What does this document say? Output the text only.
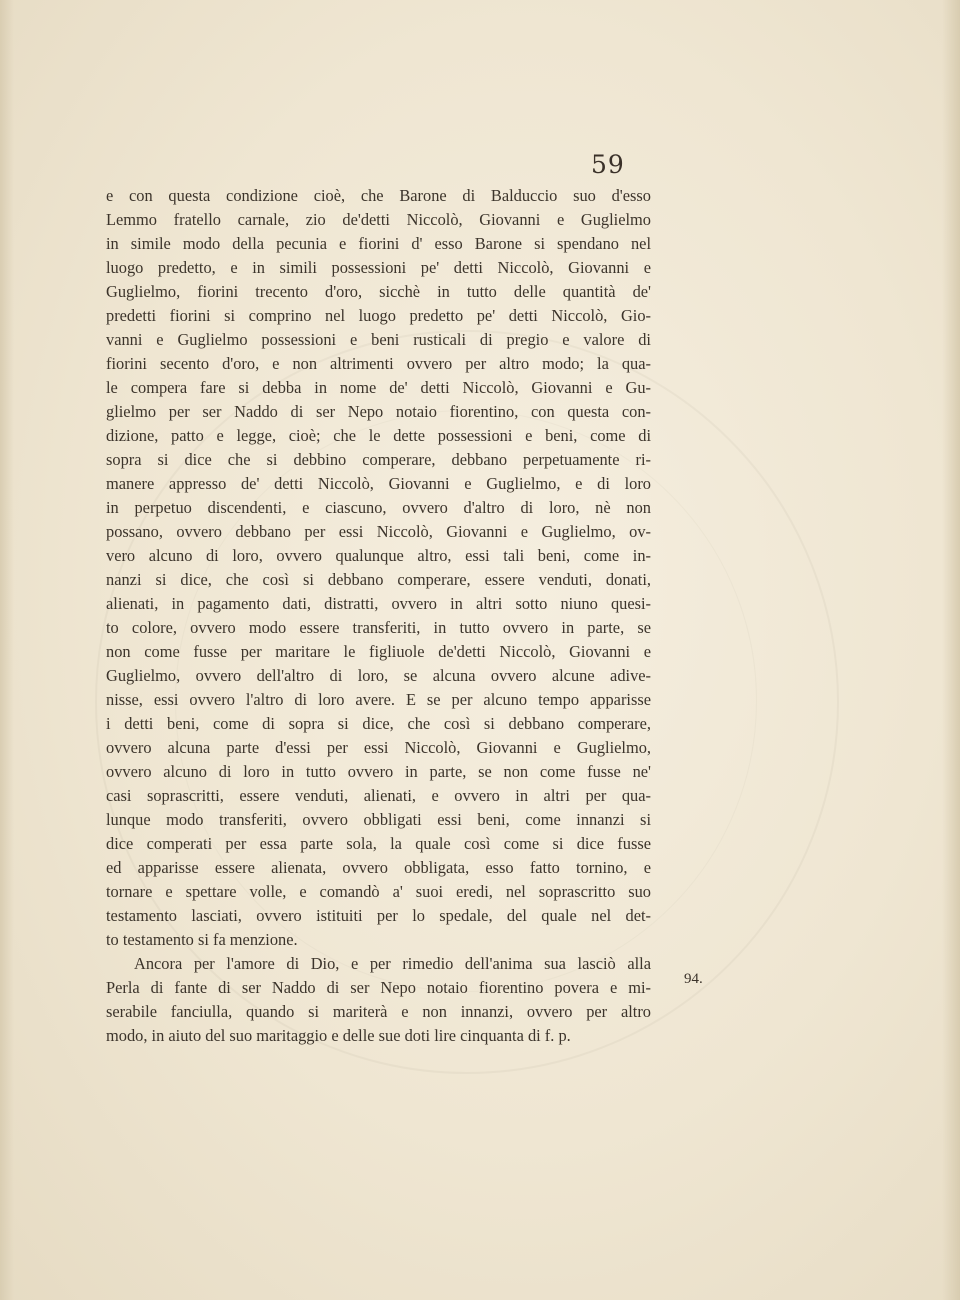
59
e con questa condizione cioè, che Barone di Balduccio suo d'esso
Lemmo fratello carnale, zio de'detti Niccolò, Giovanni e Guglielmo
in simile modo della pecunia e fiorini d' esso Barone si spendano nel
luogo predetto, e in simili possessioni pe' detti Niccolò, Giovanni e
Guglielmo, fiorini trecento d'oro, sicchè in tutto delle quantità de'
predetti fiorini si comprino nel luogo predetto pe' detti Niccolò, Gio-
vanni e Guglielmo possessioni e beni rusticali di pregio e valore di
fiorini secento d'oro, e non altrimenti ovvero per altro modo; la qua-
le compera fare si debba in nome de' detti Niccolò, Giovanni e Gu-
glielmo per ser Naddo di ser Nepo notaio fiorentino, con questa con-
dizione, patto e legge, cioè; che le dette possessioni e beni, come di
sopra si dice che si debbino comperare, debbano perpetuamente ri-
manere appresso de' detti Niccolò, Giovanni e Guglielmo, e di loro
in perpetuo discendenti, e ciascuno, ovvero d'altro di loro, nè non
possano, ovvero debbano per essi Niccolò, Giovanni e Guglielmo, ov-
vero alcuno di loro, ovvero qualunque altro, essi tali beni, come in-
nanzi si dice, che così si debbano comperare, essere venduti, donati,
alienati, in pagamento dati, distratti, ovvero in altri sotto niuno quesi-
to colore, ovvero modo essere transferiti, in tutto ovvero in parte, se
non come fusse per maritare le figliuole de'detti Niccolò, Giovanni e
Guglielmo, ovvero dell'altro di loro, se alcuna ovvero alcune adive-
nisse, essi ovvero l'altro di loro avere. E se per alcuno tempo apparisse
i detti beni, come di sopra si dice, che così si debbano comperare,
ovvero alcuna parte d'essi per essi Niccolò, Giovanni e Guglielmo,
ovvero alcuno di loro in tutto ovvero in parte, se non come fusse ne'
casi soprascritti, essere venduti, alienati, e ovvero in altri per qua-
lunque modo transferiti, ovvero obbligati essi beni, come innanzi si
dice comperati per essa parte sola, la quale così come si dice fusse
ed apparisse essere alienata, ovvero obbligata, esso fatto tornino, e
tornare e spettare volle, e comandò a' suoi eredi, nel soprascritto suo
testamento lasciati, ovvero istituiti per lo spedale, del quale nel det-
to testamento si fa menzione.
Ancora per l'amore di Dio, e per rimedio dell'anima sua lasciò alla
Perla di fante di ser Naddo di ser Nepo notaio fiorentino povera e mi-
serabile fanciulla, quando si mariterà e non innanzi, ovvero per altro
modo, in aiuto del suo maritaggio e delle sue doti lire cinquanta di f. p.
94.
